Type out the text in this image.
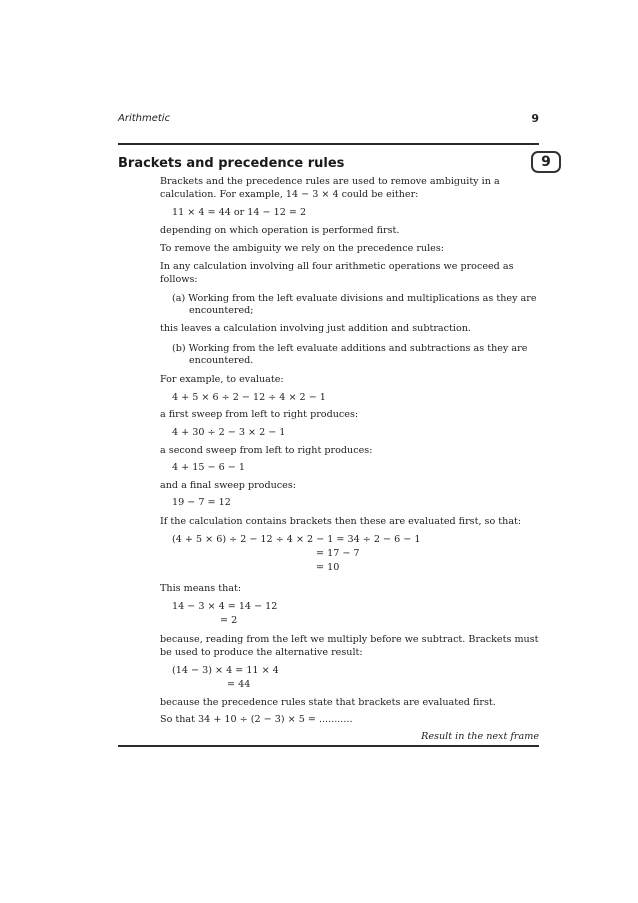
Arithmetic	9
Brackets and precedence rules	9
Brackets and the precedence rules are used to remove ambiguity in a
calculation. For example, 14 − 3 × 4 could be either:
11 × 4 = 44 or 14 − 12 = 2
depending on which operation is performed first.
To remove the ambiguity we rely on the precedence rules:
In any calculation involving all four arithmetic operations we proceed as
follows:
(a) Working from the left evaluate divisions and multiplications as they are
encountered;
this leaves a calculation involving just addition and subtraction.
(b) Working from the left evaluate additions and subtractions as they are
encountered.
For example, to evaluate:
4 + 5 × 6 ÷ 2 − 12 ÷ 4 × 2 − 1
a first sweep from left to right produces:
4 + 30 ÷ 2 − 3 × 2 − 1
a second sweep from left to right produces:
4 + 15 − 6 − 1
and a final sweep produces:
19 − 7 = 12
If the calculation contains brackets then these are evaluated first, so that:
(4 + 5 × 6) ÷ 2 − 12 ÷ 4 × 2 − 1 = 34 ÷ 2 − 6 − 1
= 17 − 7
= 10
This means that:
14 − 3 × 4 = 14 − 12
= 2
because, reading from the left we multiply before we subtract. Brackets must
be used to produce the alternative result:
(14 − 3) × 4 = 11 × 4
= 44
because the precedence rules state that brackets are evaluated first.
So that 34 + 10 ÷ (2 − 3) × 5 = ...........
Result in the next frame
